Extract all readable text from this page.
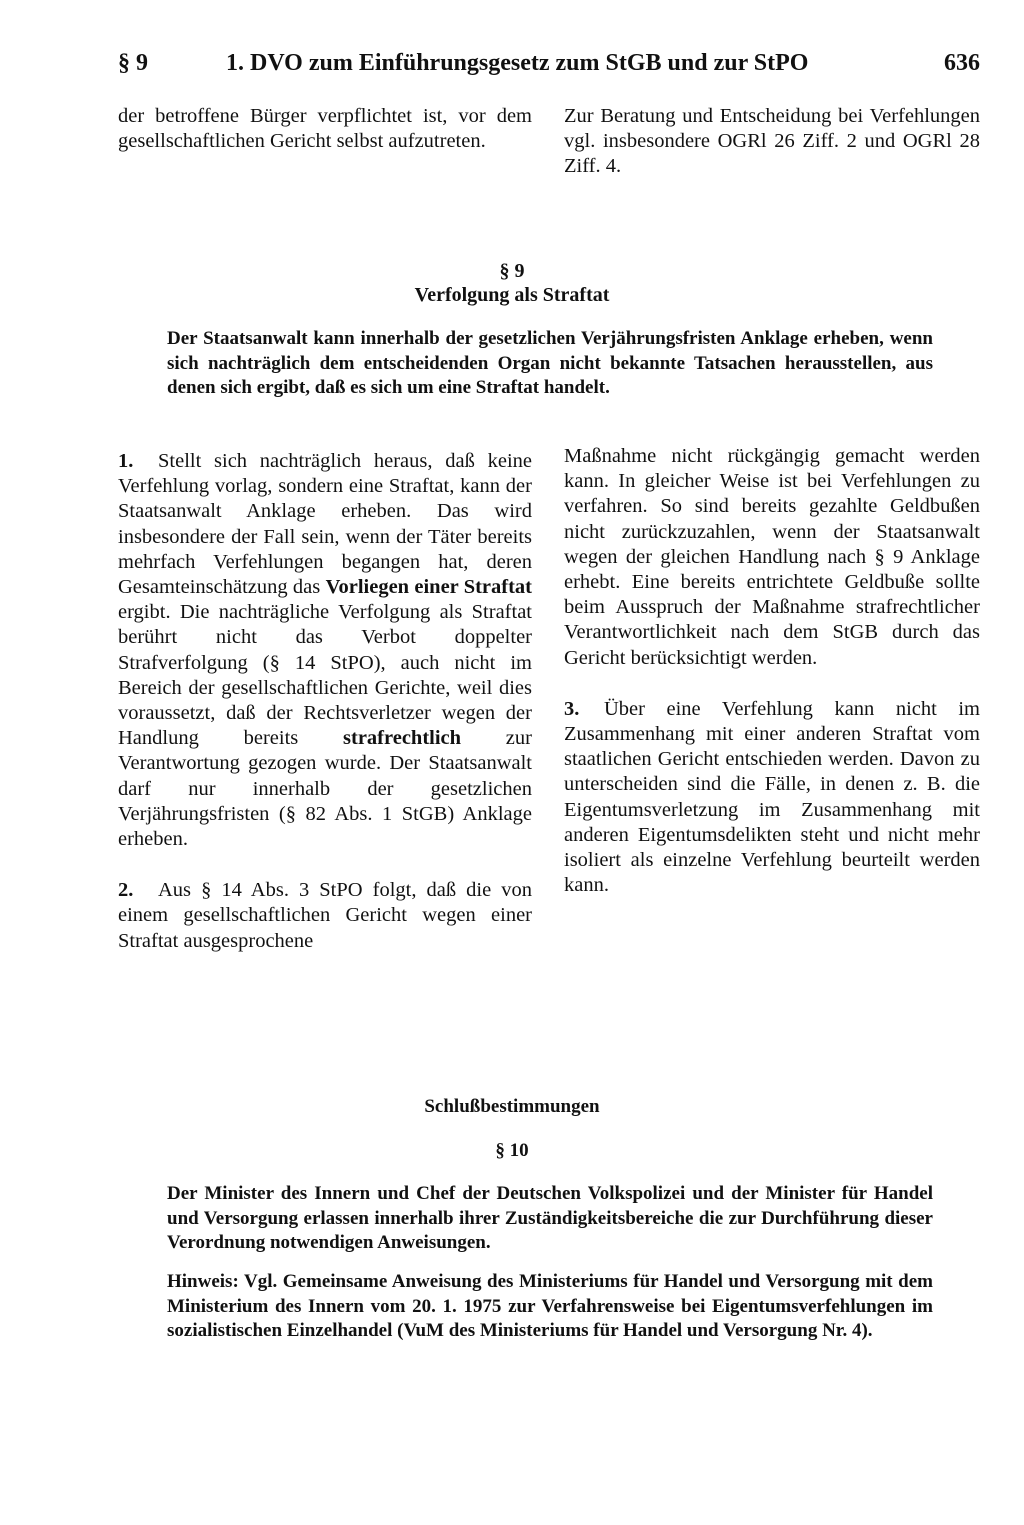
§ 9	1. DVO zum Einführungsgesetz zum StGB und zur StPO	636

der betroffene Bürger verpflichtet ist, vor dem gesellschaftlichen Gericht selbst aufzutreten.

Zur Beratung und Entscheidung bei Verfehlungen vgl. insbesondere OGRl 26 Ziff. 2 und OGRl 28 Ziff. 4.

§ 9
Verfolgung als Straftat
Der Staatsanwalt kann innerhalb der gesetzlichen Verjährungsfristen Anklage erheben, wenn sich nachträglich dem entscheidenden Organ nicht bekannte Tatsachen herausstellen, aus denen sich ergibt, daß es sich um eine Straftat handelt.

1. Stellt sich nachträglich heraus, daß keine Verfehlung vorlag, sondern eine Straftat, kann der Staatsanwalt Anklage erheben. Das wird insbesondere der Fall sein, wenn der Täter bereits mehrfach Verfehlungen begangen hat, deren Gesamteinschätzung das Vorliegen einer Straftat ergibt. Die nachträgliche Verfolgung als Straftat berührt nicht das Verbot doppelter Strafverfolgung (§ 14 StPO), auch nicht im Bereich der gesellschaftlichen Gerichte, weil dies voraussetzt, daß der Rechtsverletzer wegen der Handlung bereits strafrechtlich zur Verantwortung gezogen wurde. Der Staatsanwalt darf nur innerhalb der gesetzlichen Verjährungsfristen (§ 82 Abs. 1 StGB) Anklage erheben.

2. Aus § 14 Abs. 3 StPO folgt, daß die von einem gesellschaftlichen Gericht wegen einer Straftat ausgesprochene

Maßnahme nicht rückgängig gemacht werden kann. In gleicher Weise ist bei Verfehlungen zu verfahren. So sind bereits gezahlte Geldbußen nicht zurückzuzahlen, wenn der Staatsanwalt wegen der gleichen Handlung nach § 9 Anklage erhebt. Eine bereits entrichtete Geldbuße sollte beim Ausspruch der Maßnahme strafrechtlicher Verantwortlichkeit nach dem StGB durch das Gericht berücksichtigt werden.

3. Über eine Verfehlung kann nicht im Zusammenhang mit einer anderen Straftat vom staatlichen Gericht entschieden werden. Davon zu unterscheiden sind die Fälle, in denen z. B. die Eigentumsverletzung im Zusammenhang mit anderen Eigentumsdelikten steht und nicht mehr isoliert als einzelne Verfehlung beurteilt werden kann.

Schlußbestimmungen
§ 10
Der Minister des Innern und Chef der Deutschen Volkspolizei und der Minister für Handel und Versorgung erlassen innerhalb ihrer Zuständigkeitsbereiche die zur Durchführung dieser Verordnung notwendigen Anweisungen.
Hinweis: Vgl. Gemeinsame Anweisung des Ministeriums für Handel und Versorgung mit dem Ministerium des Innern vom 20. 1. 1975 zur Verfahrensweise bei Eigentumsverfehlungen im sozialistischen Einzelhandel (VuM des Ministeriums für Handel und Versorgung Nr. 4).
